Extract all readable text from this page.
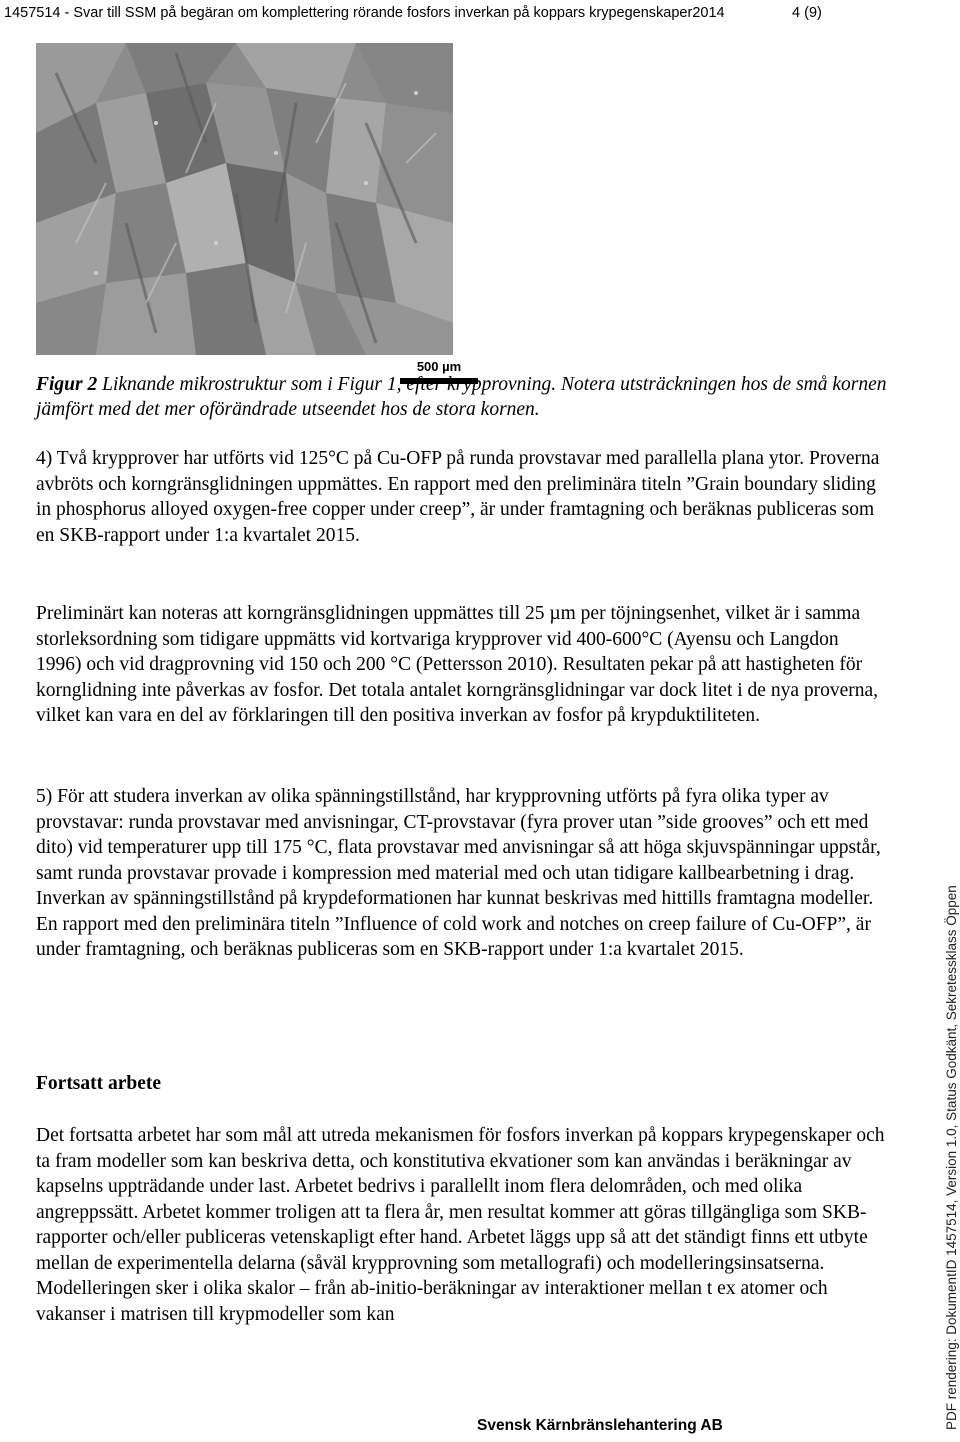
1457514 - Svar till SSM på begäran om komplettering rörande fosfors inverkan på koppars krypegenskaper2014	4 (9)
500 µm
Figur 2 Liknande mikrostruktur som i Figur 1, efter krypprovning. Notera utsträckningen hos de små kornen jämfört med det mer oförändrade utseendet hos de stora kornen.

4) Två krypprover har utförts vid 125°C på Cu-OFP på runda provstavar med parallella plana ytor. Proverna avbröts och korngränsglidningen uppmättes. En rapport med den preliminära titeln ”Grain boundary sliding in phosphorus alloyed oxygen-free copper under creep”, är under framtagning och beräknas publiceras som en SKB-rapport under 1:a kvartalet 2015.

Preliminärt kan noteras att korngränsglidningen uppmättes till 25 µm per töjningsenhet, vilket är i samma storleksordning som tidigare uppmätts vid kortvariga krypprover vid 400-600°C (Ayensu och Langdon 1996) och vid dragprovning vid 150 och 200 °C (Pettersson 2010). Resultaten pekar på att hastigheten för kornglidning inte påverkas av fosfor. Det totala antalet korngränsglidningar var dock litet i de nya proverna, vilket kan vara en del av förklaringen till den positiva inverkan av fosfor på krypduktiliteten.

5) För att studera inverkan av olika spänningstillstånd, har krypprovning utförts på fyra olika typer av provstavar: runda provstavar med anvisningar, CT-provstavar (fyra prover utan ”side grooves” och ett med dito) vid temperaturer upp till 175 °C, flata provstavar med anvisningar så att höga skjuvspänningar uppstår, samt runda provstavar provade i kompression med material med och utan tidigare kallbearbetning i drag. Inverkan av spänningstillstånd på krypdeformationen har kunnat beskrivas med hittills framtagna modeller. En rapport med den preliminära titeln ”Influence of cold work and notches on creep failure of Cu-OFP”, är under framtagning, och beräknas publiceras som en SKB-rapport under 1:a kvartalet 2015.

Fortsatt arbete

Det fortsatta arbetet har som mål att utreda mekanismen för fosfors inverkan på koppars krypegenskaper och ta fram modeller som kan beskriva detta, och konstitutiva ekvationer som kan användas i beräkningar av kapselns uppträdande under last. Arbetet bedrivs i parallellt inom flera delområden, och med olika angreppssätt. Arbetet kommer troligen att ta flera år, men resultat kommer att göras tillgängliga som SKB-rapporter och/eller publiceras vetenskapligt efter hand. Arbetet läggs upp så att det ständigt finns ett utbyte mellan de experimentella delarna (såväl krypprovning som metallografi) och modelleringsinsatserna. Modelleringen sker i olika skalor – från ab-initio-beräkningar av interaktioner mellan t ex atomer och vakanser i matrisen till krypmodeller som kan

Svensk Kärnbränslehantering AB	PDF rendering: DokumentID 1457514, Version 1.0, Status Godkänt, Sekretessklass Öppen
